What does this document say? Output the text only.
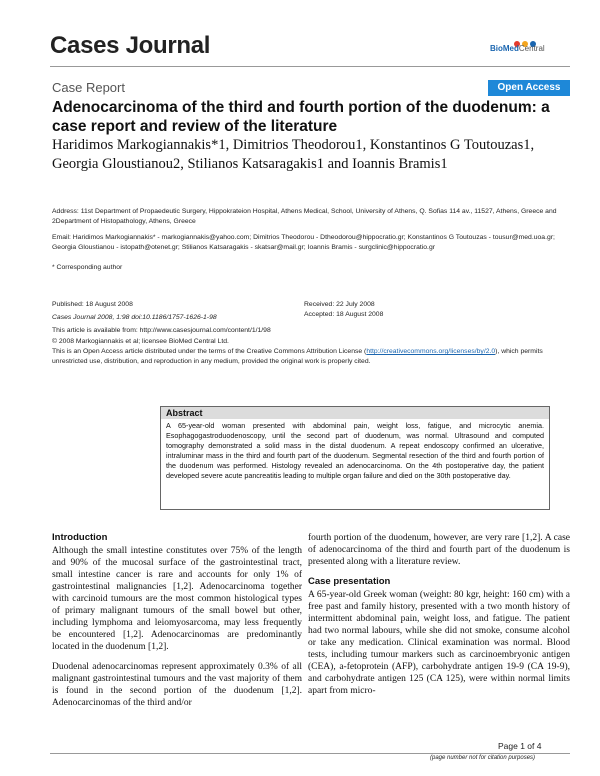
Cases Journal	BioMedCentral
Case Report	Open Access
Adenocarcinoma of the third and fourth portion of the duodenum: a case report and review of the literature
Haridimos Markogiannakis*1, Dimitrios Theodorou1, Konstantinos G Toutouzas1, Georgia Gloustianou2, Stilianos Katsaragakis1 and Ioannis Bramis1
Address: 11st Department of Propaedeutic Surgery, Hippokrateion Hospital, Athens Medical, School, University of Athens, Q. Sofias 114 av., 11527, Athens, Greece and 2Department of Histopathology, Athens, Greece
Email: Haridimos Markogiannakis* - markogiannakis@yahoo.com; Dimitrios Theodorou - Dtheodorou@hippocratio.gr; Konstantinos G Toutouzas - tousur@med.uoa.gr; Georgia Gloustianou - istopath@otenet.gr; Stilianos Katsaragakis - skatsar@mail.gr; Ioannis Bramis - surgclinic@hippocratio.gr
* Corresponding author
Published: 18 August 2008
Cases Journal 2008, 1:98 doi:10.1186/1757-1626-1-98
Received: 22 July 2008
Accepted: 18 August 2008
This article is available from: http://www.casesjournal.com/content/1/1/98
© 2008 Markogiannakis et al; licensee BioMed Central Ltd.
This is an Open Access article distributed under the terms of the Creative Commons Attribution License (http://creativecommons.org/licenses/by/2.0), which permits unrestricted use, distribution, and reproduction in any medium, provided the original work is properly cited.
Abstract
A 65-year-old woman presented with abdominal pain, weight loss, fatigue, and microcytic anemia. Esophagogastroduodenoscopy, until the second part of duodenum, was normal. Ultrasound and computed tomography demonstrated a solid mass in the distal duodenum. A repeat endoscopy confirmed an ulcerative, intraluminar mass in the third and fourth part of the duodenum. Segmental resection of the third and fourth portion of the duodenum was performed. Histology revealed an adenocarcinoma. On the 4th postoperative day, the patient developed severe acute pancreatitis leading to multiple organ failure and died on the 30th postoperative day.
Introduction

Although the small intestine constitutes over 75% of the length and 90% of the mucosal surface of the gastrointestinal tract, small intestine cancer is rare and accounts for only 1% of gastrointestinal malignancies [1,2]. Adenocarcinoma together with carcinoid tumours are the most common histological types of primary malignant tumours of the small bowel but other, including lymphoma and leiomyosarcoma, may less frequently be encountered [1,2]. Adenocarcinomas are predominantly located in the duodenum [1,2].

Duodenal adenocarcinomas represent approximately 0.3% of all malignant gastrointestinal tumours and the vast majority of them is found in the second portion of the duodenum [1,2]. Adenocarcinomas of the third and/or

fourth portion of the duodenum, however, are very rare [1,2]. A case of adenocarcinoma of the third and fourth part of the duodenum is presented along with a literature review.

Case presentation

A 65-year-old Greek woman (weight: 80 kgr, height: 160 cm) with a free past and family history, presented with a two month history of intermittent abdominal pain, weight loss, and fatigue. The patient had two normal labours, while she did not smoke, consume alcohol or take any medication. Clinical examination was normal. Blood tests, including tumour markers such as carcinoembryonic antigen (CEA), a-fetoprotein (AFP), carbohydrate antigen 19-9 (CA 19-9), and carbohydrate antigen 125 (CA 125), were within normal limits apart from micro-

Page 1 of 4
(page number not for citation purposes)
